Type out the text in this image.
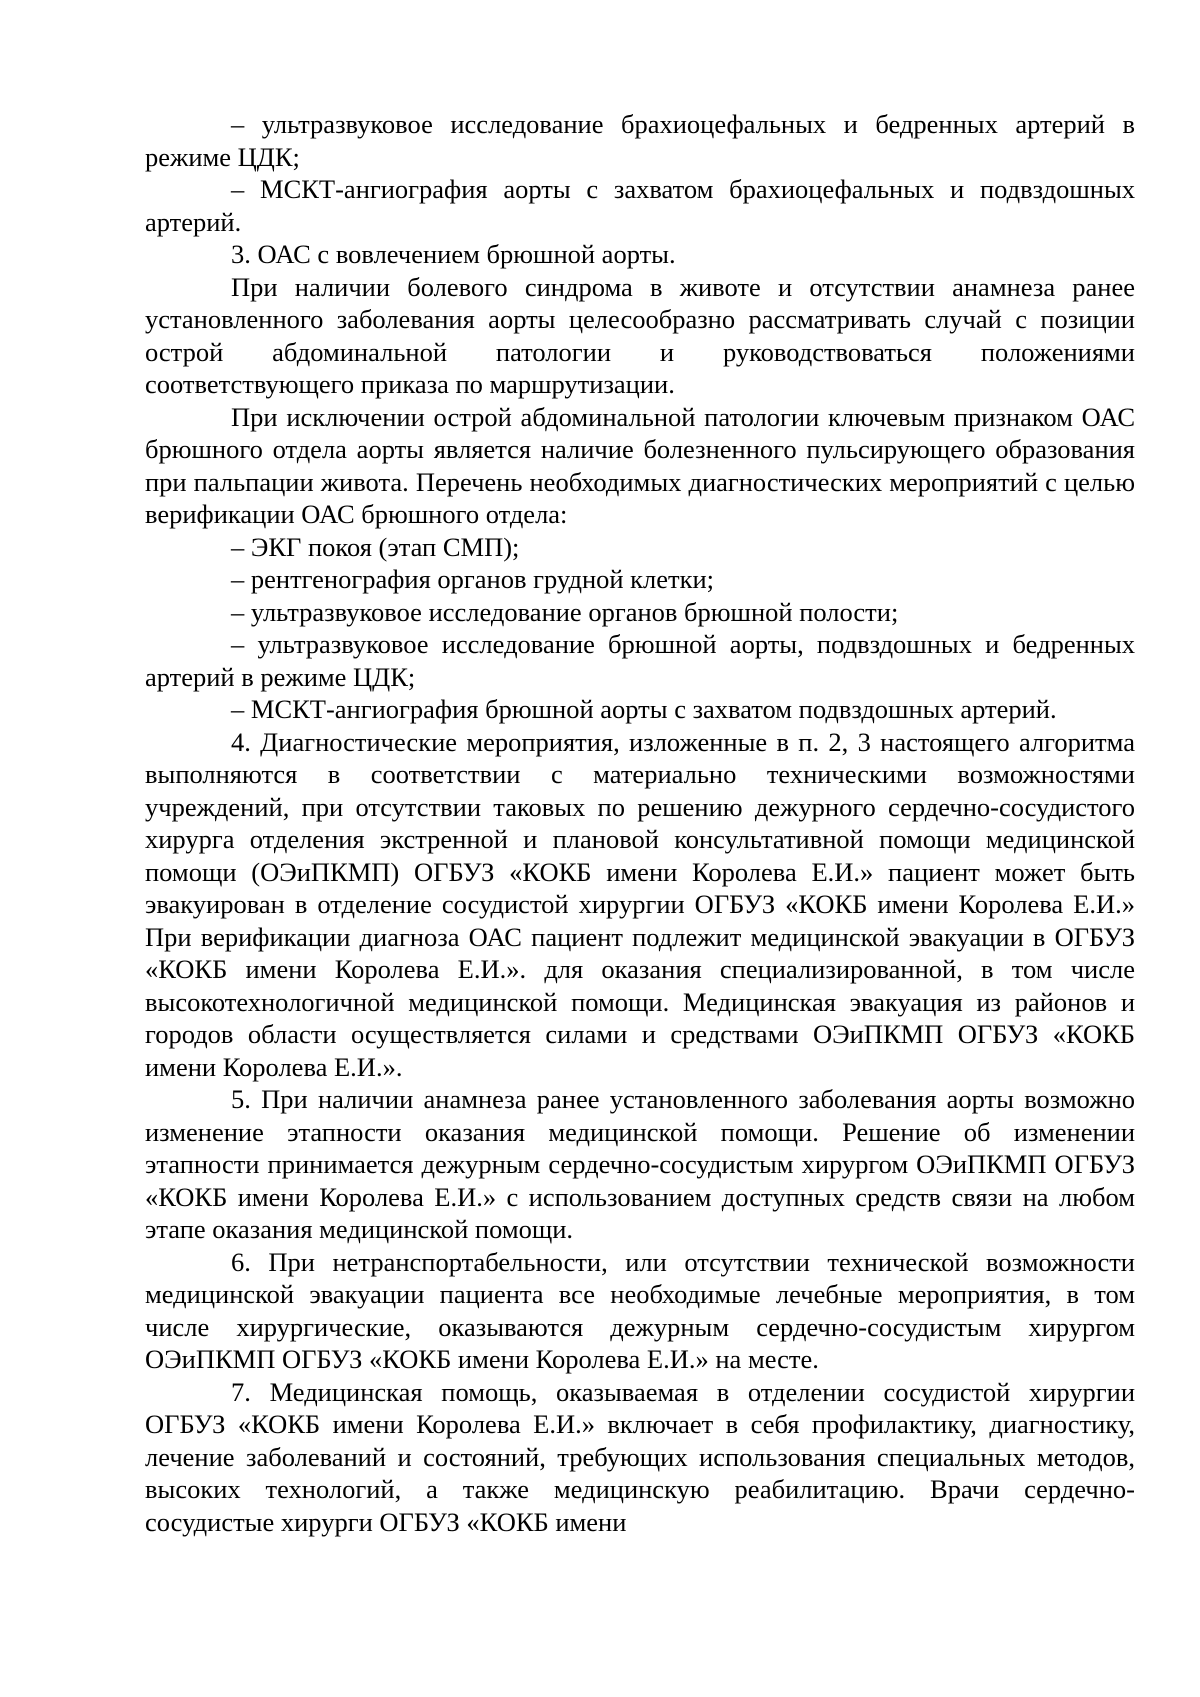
– ультразвуковое исследование брахиоцефальных и бедренных артерий в режиме ЦДК;

– МСКТ-ангиография аорты с захватом брахиоцефальных и подвздошных артерий.

3. ОАС с вовлечением брюшной аорты.

При наличии болевого синдрома в животе и отсутствии анамнеза ранее установленного заболевания аорты целесообразно рассматривать случай с позиции острой абдоминальной патологии и руководствоваться положениями соответствующего приказа по маршрутизации.

При исключении острой абдоминальной патологии ключевым признаком ОАС брюшного отдела аорты является наличие болезненного пульсирующего образования при пальпации живота. Перечень необходимых диагностических мероприятий с целью верификации ОАС брюшного отдела:

– ЭКГ покоя (этап СМП);

– рентгенография органов грудной клетки;

– ультразвуковое исследование органов брюшной полости;

– ультразвуковое исследование брюшной аорты, подвздошных и бедренных артерий в режиме ЦДК;

– МСКТ-ангиография брюшной аорты с захватом подвздошных артерий.

4. Диагностические мероприятия, изложенные в п. 2, 3 настоящего алгоритма выполняются в соответствии с материально техническими возможностями учреждений, при отсутствии таковых по решению дежурного сердечно-сосудистого хирурга отделения экстренной и плановой консультативной помощи медицинской помощи (ОЭиПКМП) ОГБУЗ «КОКБ имени Королева Е.И.» пациент может быть эвакуирован в отделение сосудистой хирургии ОГБУЗ «КОКБ имени Королева Е.И.» При верификации диагноза ОАС пациент подлежит медицинской эвакуации в ОГБУЗ «КОКБ имени Королева Е.И.». для оказания специализированной, в том числе высокотехнологичной медицинской помощи. Медицинская эвакуация из районов и городов области осуществляется силами и средствами ОЭиПКМП ОГБУЗ «КОКБ имени Королева Е.И.».

5. При наличии анамнеза ранее установленного заболевания аорты возможно изменение этапности оказания медицинской помощи. Решение об изменении этапности принимается дежурным сердечно-сосудистым хирургом ОЭиПКМП ОГБУЗ «КОКБ имени Королева Е.И.» с использованием доступных средств связи на любом этапе оказания медицинской помощи.

6. При нетранспортабельности, или отсутствии технической возможности медицинской эвакуации пациента все необходимые лечебные мероприятия, в том числе хирургические, оказываются дежурным сердечно-сосудистым хирургом ОЭиПКМП ОГБУЗ «КОКБ имени Королева Е.И.» на месте.

7. Медицинская помощь, оказываемая в отделении сосудистой хирургии ОГБУЗ «КОКБ имени Королева Е.И.» включает в себя профилактику, диагностику, лечение заболеваний и состояний, требующих использования специальных методов, высоких технологий, а также медицинскую реабилитацию. Врачи сердечно-сосудистые хирурги ОГБУЗ «КОКБ имени
